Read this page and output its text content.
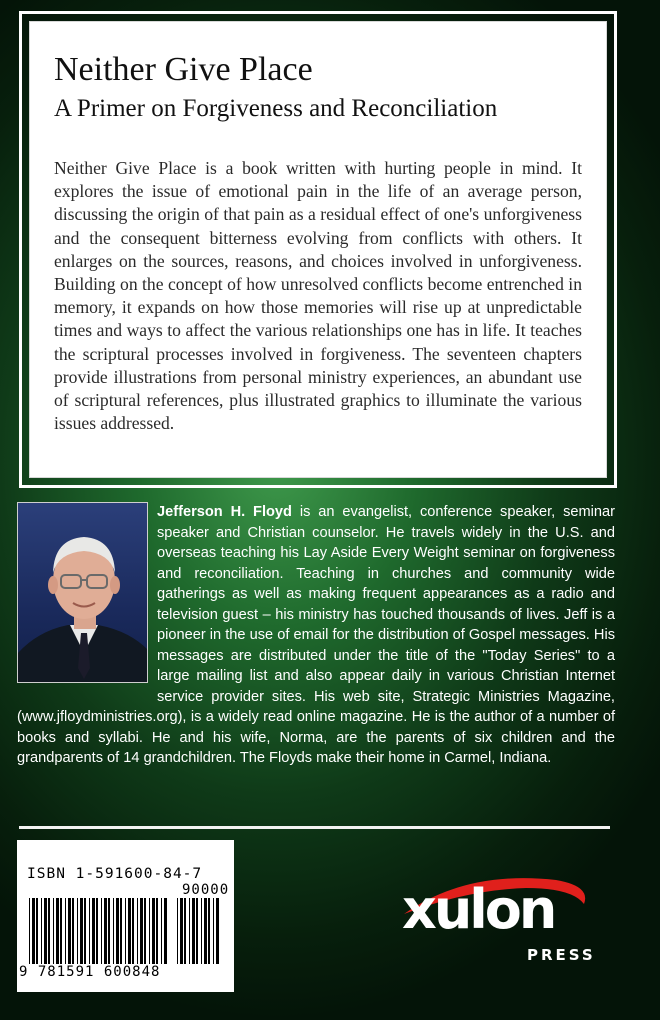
Neither Give Place
A Primer on Forgiveness and Reconciliation

Neither Give Place is a book written with hurting people in mind. It explores the issue of emotional pain in the life of an average person, discussing the origin of that pain as a residual effect of one's unforgiveness and the consequent bitterness evolving from conflicts with others. It enlarges on the sources, reasons, and choices involved in unforgiveness. Building on the concept of how unresolved conflicts become entrenched in memory, it expands on how those memories will rise up at unpredictable times and ways to affect the various relationships one has in life. It teaches the scriptural processes involved in forgiveness. The seventeen chapters provide illustrations from personal ministry experiences, an abundant use of scriptural references, plus illustrated graphics to illuminate the various issues addressed.

Jefferson H. Floyd is an evangelist, conference speaker, seminar speaker and Christian counselor. He travels widely in the U.S. and overseas teaching his Lay Aside Every Weight seminar on forgiveness and reconciliation. Teaching in churches and community wide gatherings as well as making frequent appearances as a radio and television guest – his ministry has touched thousands of lives. Jeff is a pioneer in the use of email for the distribution of Gospel messages. His messages are distributed under the title of the "Today Series" to a large mailing list and also appear daily in various Christian Internet service provider sites. His web site, Strategic Ministries Magazine, (www.jfloydministries.org), is a widely read online magazine. He is the author of a number of books and syllabi. He and his wife, Norma, are the parents of six children and the grandparents of 14 grandchildren. The Floyds make their home in Carmel, Indiana.
ISBN 1-591600-84-7
90000
9 781591 600848
xulon
PRESS
